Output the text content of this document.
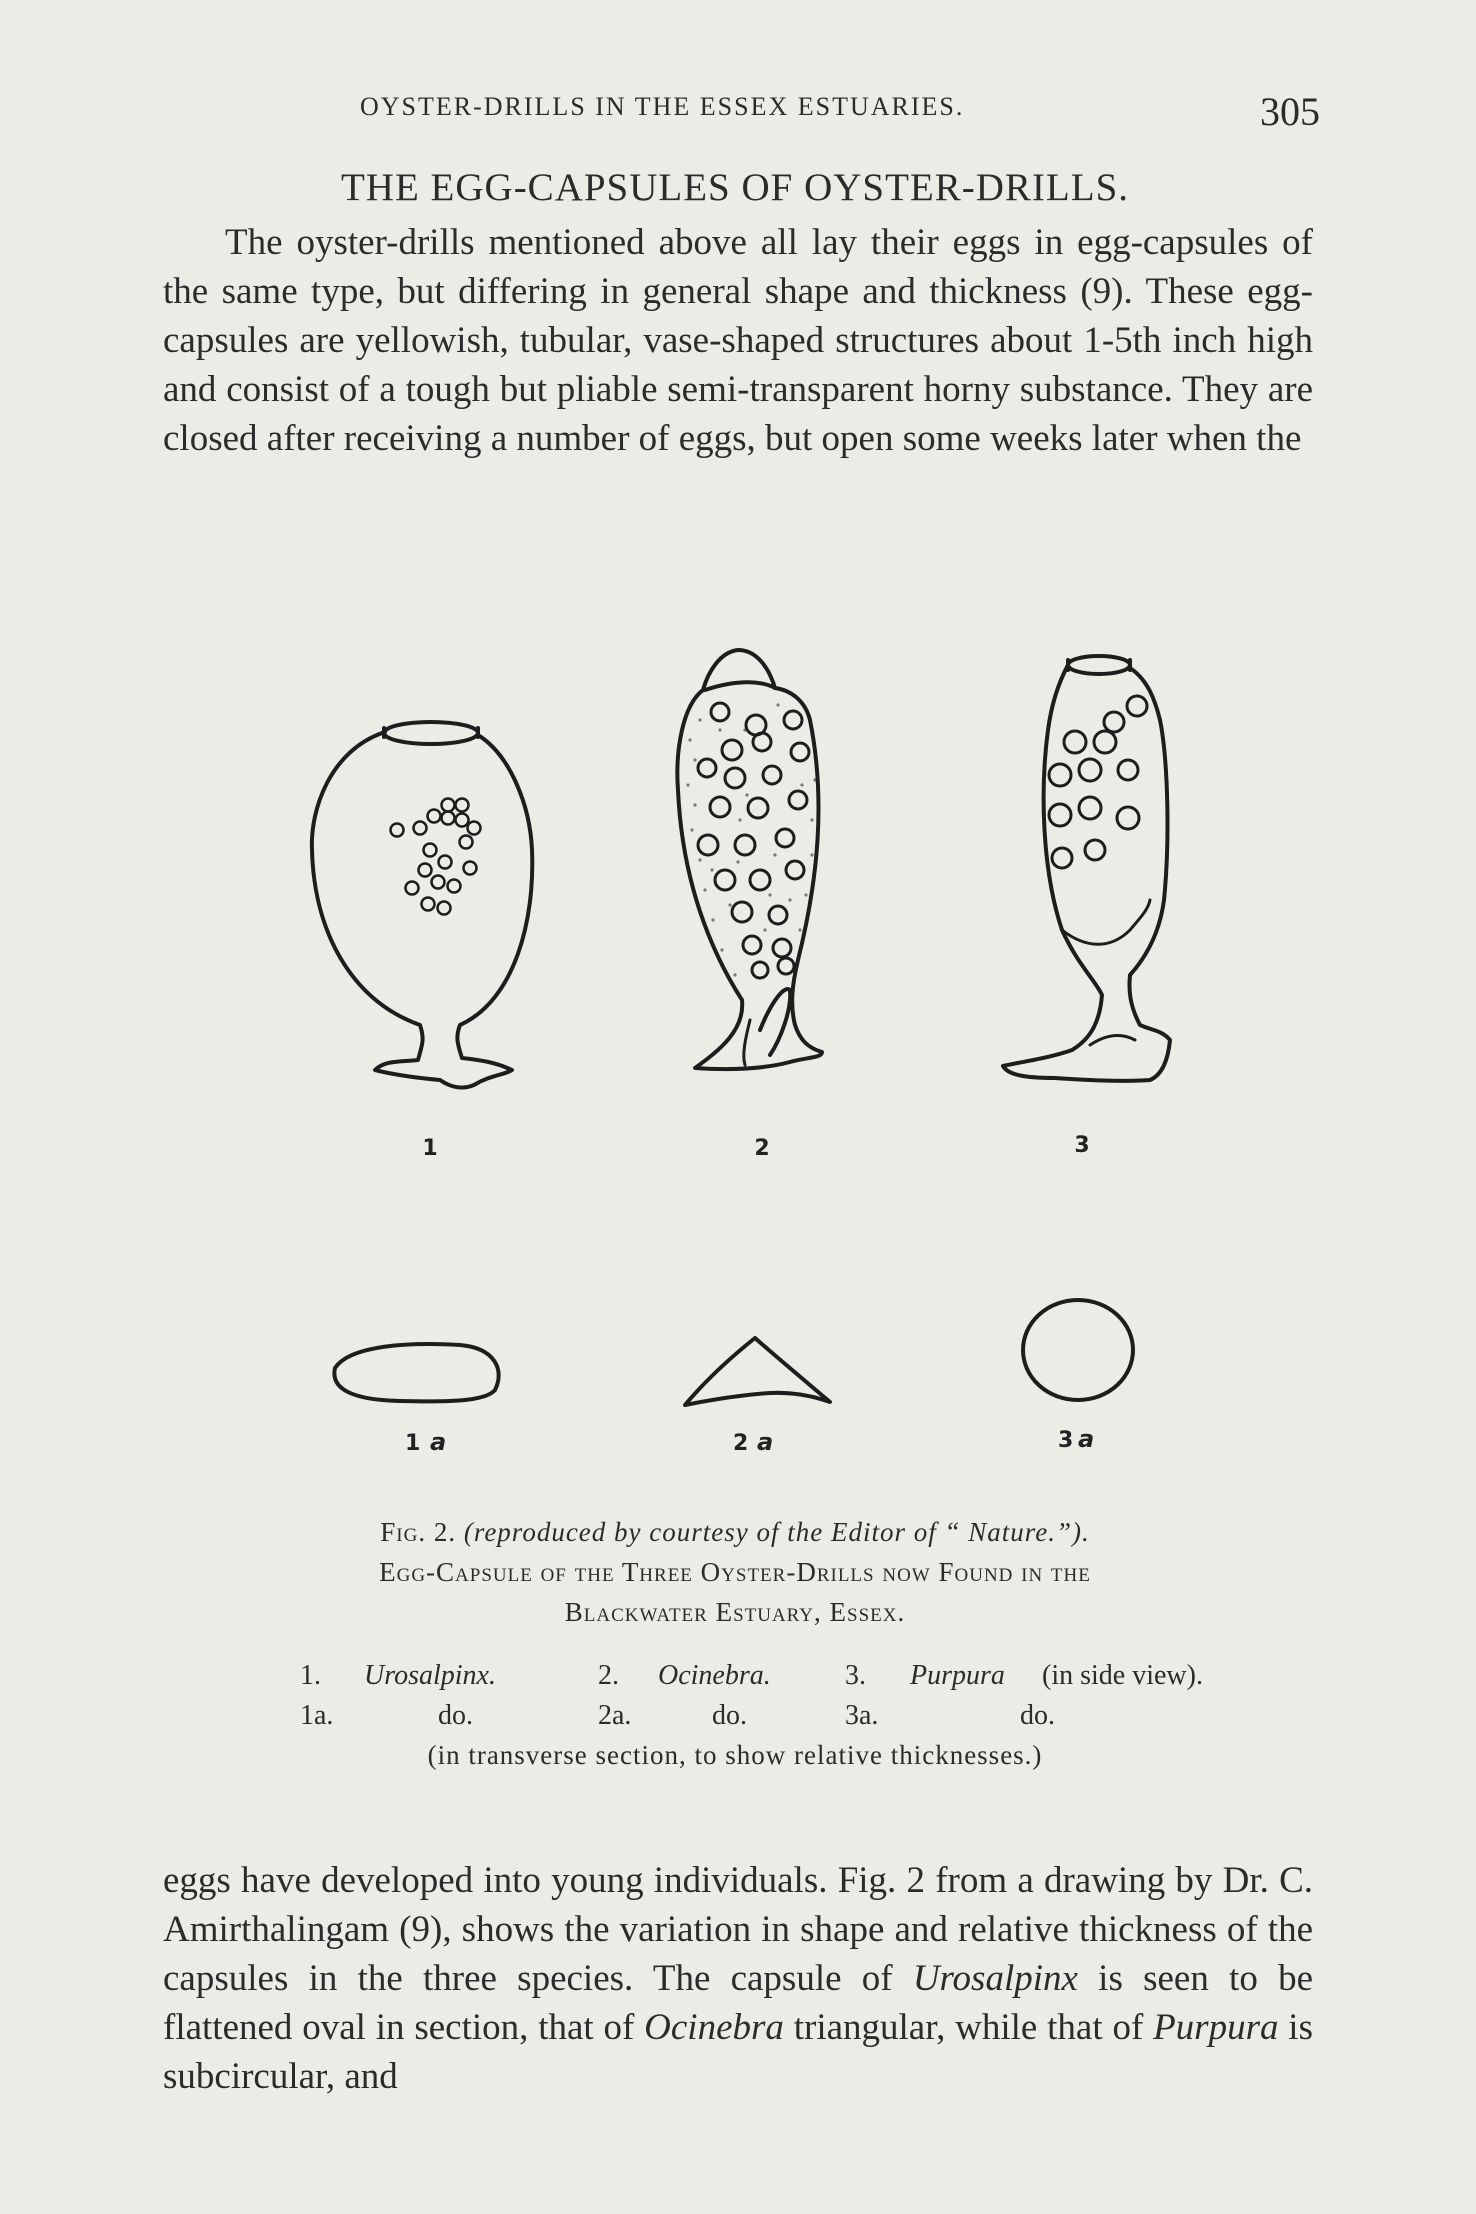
OYSTER-DRILLS IN THE ESSEX ESTUARIES.	305
THE EGG-CAPSULES OF OYSTER-DRILLS.
The oyster-drills mentioned above all lay their eggs in egg-capsules of the same type, but differing in general shape and thickness (9). These egg-capsules are yellowish, tubular, vase-shaped structures about 1-5th inch high and consist of a tough but pliable semi-transparent horny substance. They are closed after receiving a number of eggs, but open some weeks later when the
1	2	3
1 a	2 a	3 a
Fig. 2. (reproduced by courtesy of the Editor of “ Nature.”).
Egg-Capsule of the Three Oyster-Drills now Found in the
Blackwater Estuary, Essex.
1. Urosalpinx.	2. Ocinebra.	3. Purpura (in side view).
1a.	do.	2a.	do.	3a.	do.
(in transverse section, to show relative thicknesses.)
eggs have developed into young individuals. Fig. 2 from a drawing by Dr. C. Amirthalingam (9), shows the variation in shape and relative thickness of the capsules in the three species. The capsule of Urosalpinx is seen to be flattened oval in section, that of Ocinebra triangular, while that of Purpura is subcircular, and
